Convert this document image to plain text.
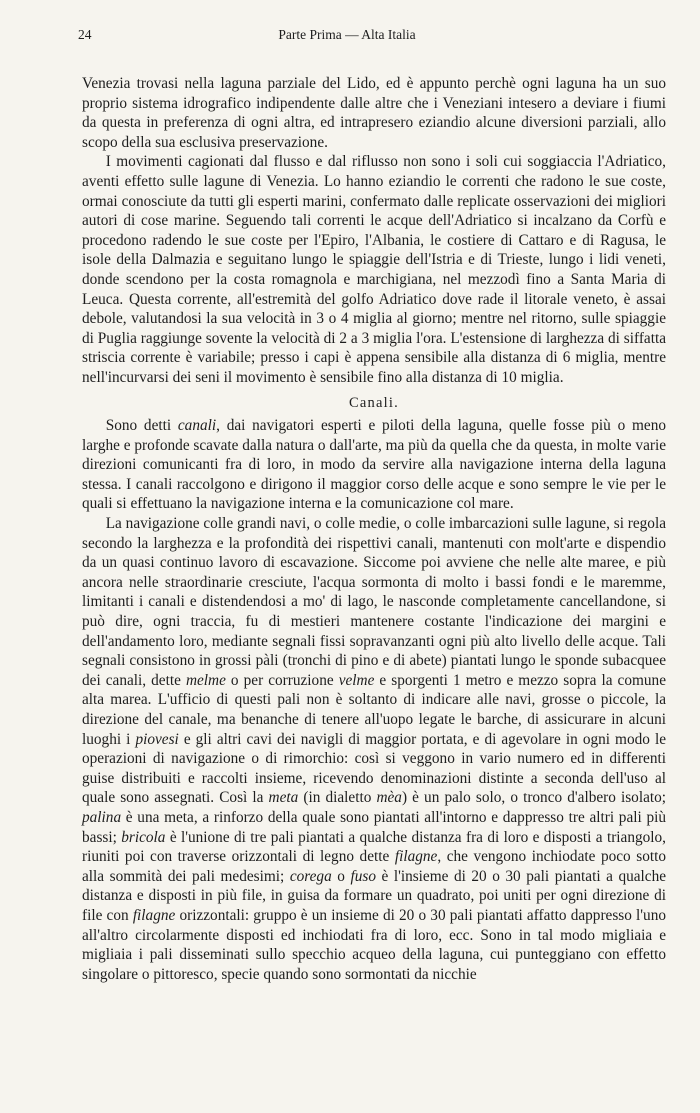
24	Parte Prima — Alta Italia

Venezia trovasi nella laguna parziale del Lido, ed è appunto perchè ogni laguna ha un suo proprio sistema idrografico indipendente dalle altre che i Veneziani intesero a deviare i fiumi da questa in preferenza di ogni altra, ed intrapresero eziandio alcune diversioni parziali, allo scopo della sua esclusiva preservazione.

I movimenti cagionati dal flusso e dal riflusso non sono i soli cui soggiaccia l'Adriatico, aventi effetto sulle lagune di Venezia. Lo hanno eziandio le correnti che radono le sue coste, ormai conosciute da tutti gli esperti marini, confermato dalle replicate osservazioni dei migliori autori di cose marine. Seguendo tali correnti le acque dell'Adriatico si incalzano da Corfù e procedono radendo le sue coste per l'Epiro, l'Albania, le costiere di Cattaro e di Ragusa, le isole della Dalmazia e seguitano lungo le spiaggie dell'Istria e di Trieste, lungo i lidi veneti, donde scendono per la costa romagnola e marchigiana, nel mezzodì fino a Santa Maria di Leuca. Questa corrente, all'estremità del golfo Adriatico dove rade il litorale veneto, è assai debole, valutandosi la sua velocità in 3 o 4 miglia al giorno; mentre nel ritorno, sulle spiaggie di Puglia raggiunge sovente la velocità di 2 a 3 miglia l'ora. L'estensione di larghezza di siffatta striscia corrente è variabile; presso i capi è appena sensibile alla distanza di 6 miglia, mentre nell'incurvarsi dei seni il movimento è sensibile fino alla distanza di 10 miglia.

Canali.

Sono detti canali, dai navigatori esperti e piloti della laguna, quelle fosse più o meno larghe e profonde scavate dalla natura o dall'arte, ma più da quella che da questa, in molte varie direzioni comunicanti fra di loro, in modo da servire alla navigazione interna della laguna stessa. I canali raccolgono e dirigono il maggior corso delle acque e sono sempre le vie per le quali si effettuano la navigazione interna e la comunicazione col mare.

La navigazione colle grandi navi, o colle medie, o colle imbarcazioni sulle lagune, si regola secondo la larghezza e la profondità dei rispettivi canali, mantenuti con molt'arte e dispendio da un quasi continuo lavoro di escavazione. Siccome poi avviene che nelle alte maree, e più ancora nelle straordinarie cresciute, l'acqua sormonta di molto i bassi fondi e le maremme, limitanti i canali e distendendosi a mo' di lago, le nasconde completamente cancellandone, si può dire, ogni traccia, fu di mestieri mantenere costante l'indicazione dei margini e dell'andamento loro, mediante segnali fissi sopravanzanti ogni più alto livello delle acque. Tali segnali consistono in grossi pàli (tronchi di pino e di abete) piantati lungo le sponde subacquee dei canali, dette melme o per corruzione velme e sporgenti 1 metro e mezzo sopra la comune alta marea. L'ufficio di questi pali non è soltanto di indicare alle navi, grosse o piccole, la direzione del canale, ma benanche di tenere all'uopo legate le barche, di assicurare in alcuni luoghi i piovesi e gli altri cavi dei navigli di maggior portata, e di agevolare in ogni modo le operazioni di navigazione o di rimorchio: così si veggono in vario numero ed in differenti guise distribuiti e raccolti insieme, ricevendo denominazioni distinte a seconda dell'uso al quale sono assegnati. Così la meta (in dialetto mèa) è un palo solo, o tronco d'albero isolato; palina è una meta, a rinforzo della quale sono piantati all'intorno e dappresso tre altri pali più bassi; bricola è l'unione di tre pali piantati a qualche distanza fra di loro e disposti a triangolo, riuniti poi con traverse orizzontali di legno dette filagne, che vengono inchiodate poco sotto alla sommità dei pali medesimi; corega o fuso è l'insieme di 20 o 30 pali piantati a qualche distanza e disposti in più file, in guisa da formare un quadrato, poi uniti per ogni direzione di file con filagne orizzontali: gruppo è un insieme di 20 o 30 pali piantati affatto dappresso l'uno all'altro circolarmente disposti ed inchiodati fra di loro, ecc. Sono in tal modo migliaia e migliaia i pali disseminati sullo specchio acqueo della laguna, cui punteggiano con effetto singolare o pittoresco, specie quando sono sormontati da nicchie
